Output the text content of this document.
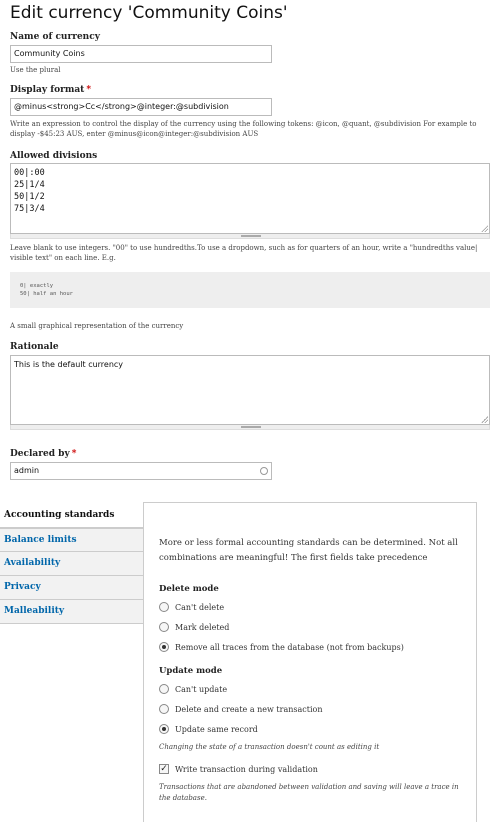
Edit currency 'Community Coins'
Name of currency
Community Coins
Use the plural
Display format *
@minus<strong>Cc</strong>@integer:@subdivision
Write an expression to control the display of the currency using the following tokens: @icon, @quant, @subdivision For example to display -$45:23 AUS, enter @minus@icon@integer:@subdivision AUS
Allowed divisions
00|:00
25|1/4
50|1/2
75|3/4
Leave blank to use integers. "00" to use hundredths.To use a dropdown, such as for quarters of an hour, write a "hundredths value| visible text" on each line. E.g.
0| exactly
50| half an hour
A small graphical representation of the currency
Rationale
This is the default currency
Declared by *
admin
Accounting standards
Balance limits
Availability
Privacy
Malleability

More or less formal accounting standards can be determined. Not all combinations are meaningful! The first fields take precedence

Delete mode
Can't delete
Mark deleted
Remove all traces from the database (not from backups)
Update mode
Can't update
Delete and create a new transaction
Update same record

Changing the state of a transaction doesn't count as editing it

✓ Write transaction during validation

Transactions that are abandoned between validation and saving will leave a trace in the database.
